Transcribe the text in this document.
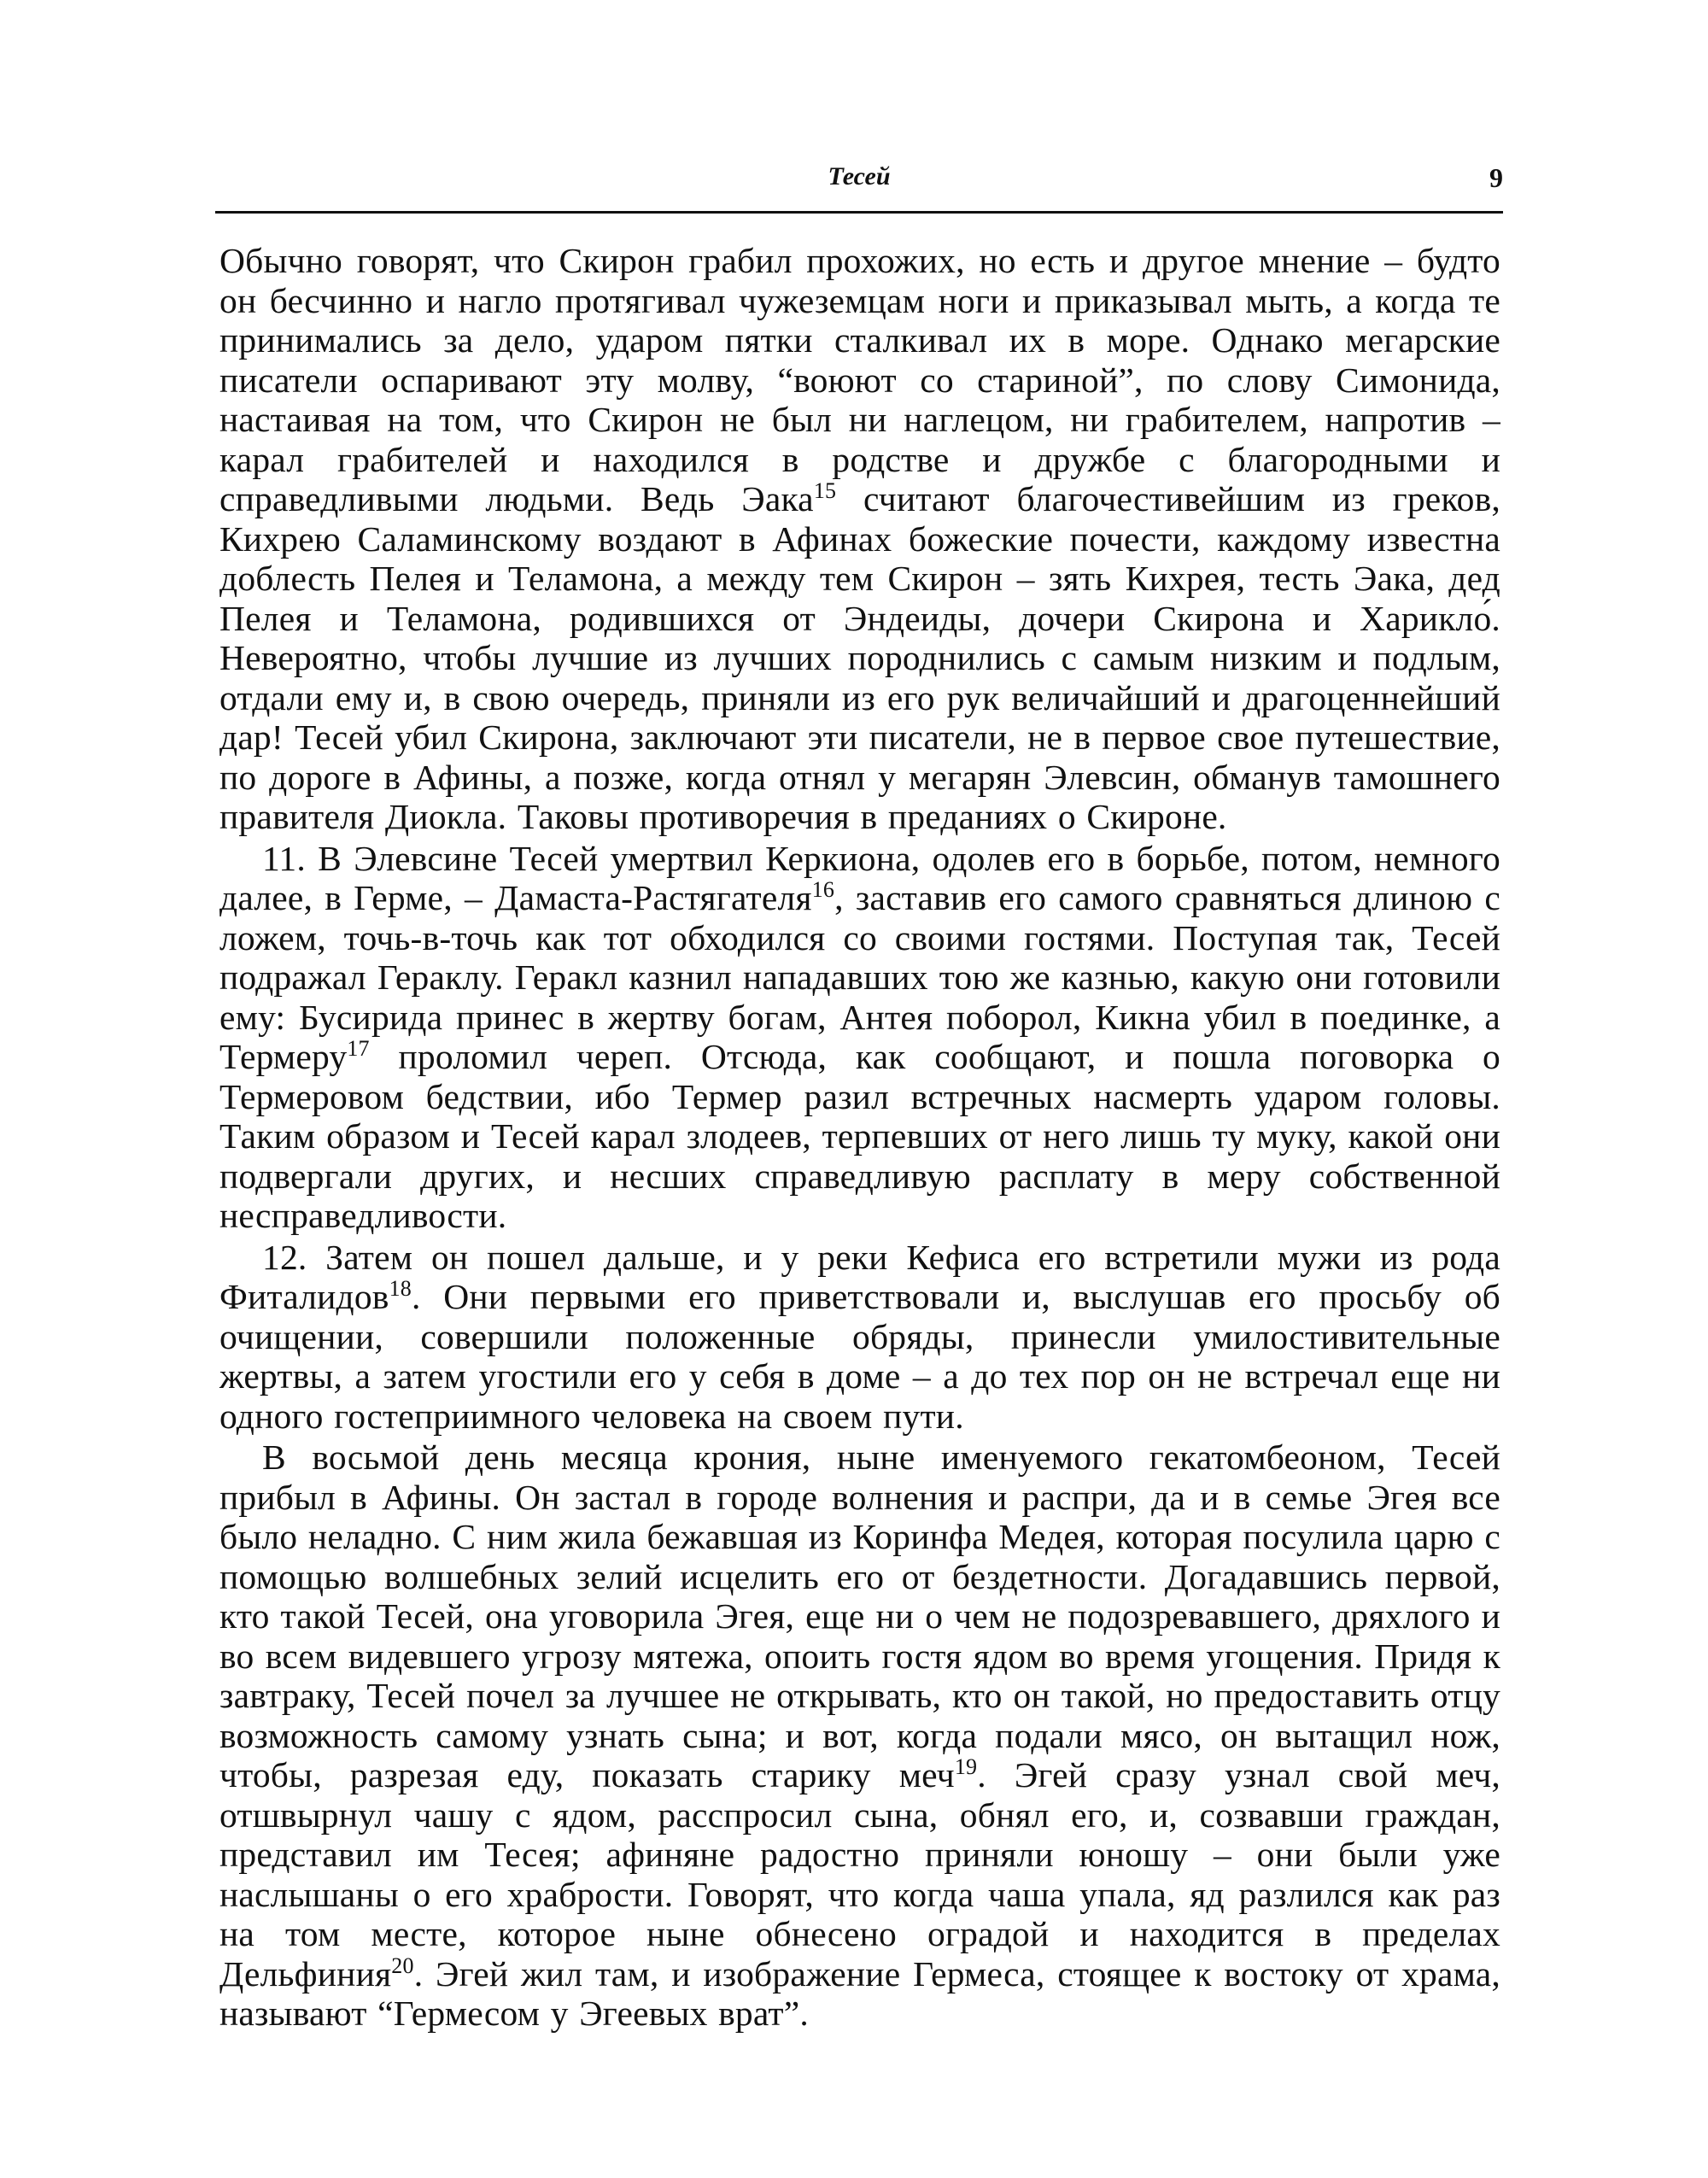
Тесей	9

Обычно говорят, что Скирон грабил прохожих, но есть и другое мнение – будто он бесчинно и нагло протягивал чужеземцам ноги и приказывал мыть, а когда те принимались за дело, ударом пятки сталкивал их в море. Однако мегарские писатели оспаривают эту молву, “воюют со стариной”, по слову Симонида, настаивая на том, что Скирон не был ни наглецом, ни грабителем, напротив – карал грабителей и находился в родстве и дружбе с благородными и справедливыми людьми. Ведь Эака$^{15}$ считают благочестивейшим из греков, Кихрею Саламинскому воздают в Афинах божеские почести, каждому известна доблесть Пелея и Теламона, а между тем Скирон – зять Кихрея, тесть Эака, дед Пелея и Теламона, родившихся от Эндеиды, дочери Скирона и Харикло́. Невероятно, чтобы лучшие из лучших породнились с самым низким и подлым, отдали ему и, в свою очередь, приняли из его рук величайший и драгоценнейший дар! Тесей убил Скирона, заключают эти писатели, не в первое свое путешествие, по дороге в Афины, а позже, когда отнял у мегарян Элевсин, обманув тамошнего правителя Диокла. Таковы противоречия в преданиях о Скироне.

11. В Элевсине Тесей умертвил Керкиона, одолев его в борьбе, потом, немного далее, в Герме, – Дамаста-Растягателя$^{16}$, заставив его самого сравняться длиною с ложем, точь-в-точь как тот обходился со своими гостями. Поступая так, Тесей подражал Гераклу. Геракл казнил нападавших тою же казнью, какую они готовили ему: Бусирида принес в жертву богам, Антея поборол, Кикна убил в поединке, а Термеру$^{17}$ проломил череп. Отсюда, как сообщают, и пошла поговорка о Термеровом бедствии, ибо Термер разил встречных насмерть ударом головы. Таким образом и Тесей карал злодеев, терпевших от него лишь ту муку, какой они подвергали других, и несших справедливую расплату в меру собственной несправедливости.

12. Затем он пошел дальше, и у реки Кефиса его встретили мужи из рода Фиталидов$^{18}$. Они первыми его приветствовали и, выслушав его просьбу об очищении, совершили положенные обряды, принесли умилостивительные жертвы, а затем угостили его у себя в доме – а до тех пор он не встречал еще ни одного гостеприимного человека на своем пути.

В восьмой день месяца крония, ныне именуемого гекатомбеоном, Тесей прибыл в Афины. Он застал в городе волнения и распри, да и в семье Эгея все было неладно. С ним жила бежавшая из Коринфа Медея, которая посулила царю с помощью волшебных зелий исцелить его от бездетности. Догадавшись первой, кто такой Тесей, она уговорила Эгея, еще ни о чем не подозревавшего, дряхлого и во всем видевшего угрозу мятежа, опоить гостя ядом во время угощения. Придя к завтраку, Тесей почел за лучшее не открывать, кто он такой, но предоставить отцу возможность самому узнать сына; и вот, когда подали мясо, он вытащил нож, чтобы, разрезая еду, показать старику меч$^{19}$. Эгей сразу узнал свой меч, отшвырнул чашу с ядом, расспросил сына, обнял его, и, созвавши граждан, представил им Тесея; афиняне радостно приняли юношу – они были уже наслышаны о его храбрости. Говорят, что когда чаша упала, яд разлился как раз на том месте, которое ныне обнесено оградой и находится в пределах Дельфиния$^{20}$. Эгей жил там, и изображение Гермеса, стоящее к востоку от храма, называют “Гермесом у Эгеевых врат”.
